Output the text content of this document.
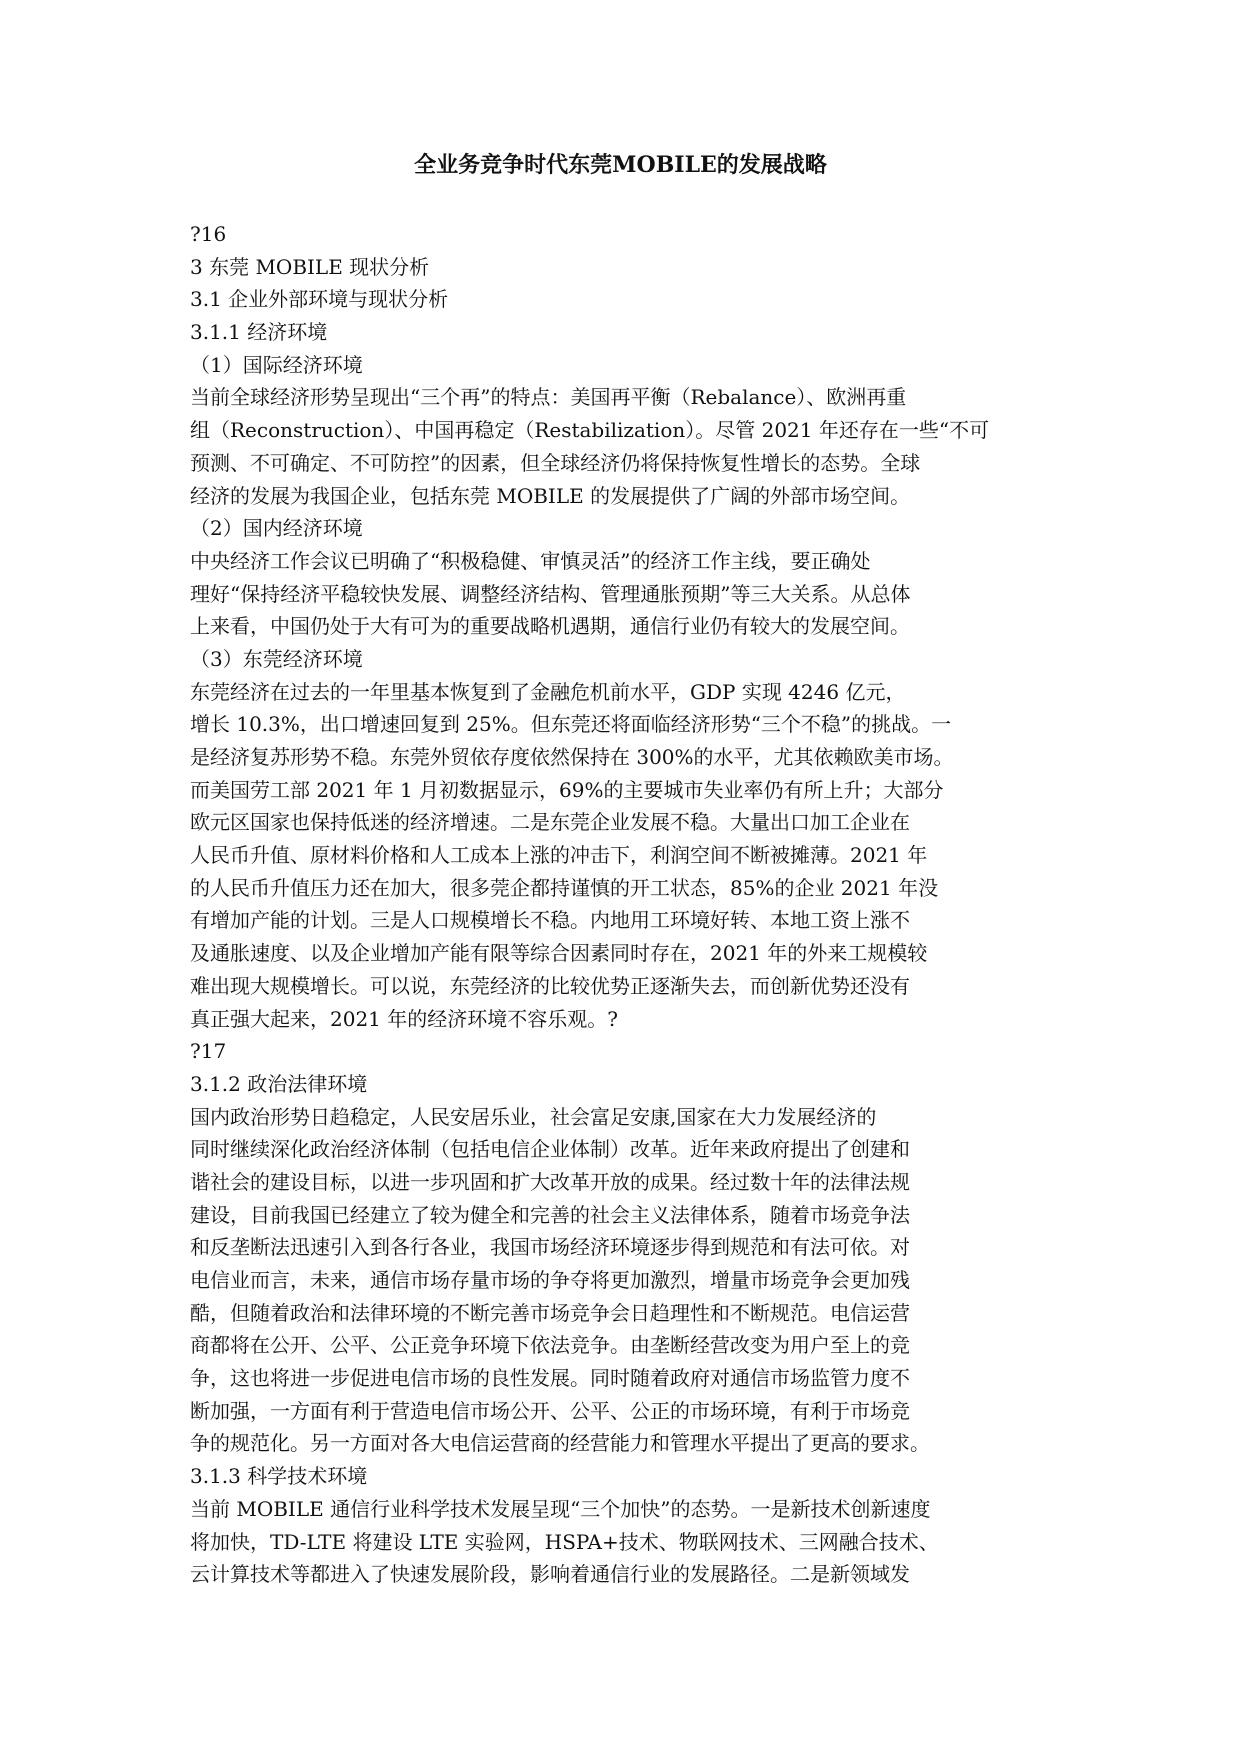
全业务竞争时代东莞MOBILE的发展战略

?16

3 东莞 MOBILE 现状分析

3.1 企业外部环境与现状分析

3.1.1 经济环境

（1）国际经济环境

当前全球经济形势呈现出“三个再”的特点：美国再平衡（Rebalance）、欧洲再重

组（Reconstruction）、中国再稳定（Restabilization）。尽管 2021 年还存在一些“不可

预测、不可确定、不可防控”的因素，但全球经济仍将保持恢复性增长的态势。全球

经济的发展为我国企业，包括东莞 MOBILE 的发展提供了广阔的外部市场空间。

（2）国内经济环境

中央经济工作会议已明确了“积极稳健、审慎灵活”的经济工作主线，要正确处

理好“保持经济平稳较快发展、调整经济结构、管理通胀预期”等三大关系。从总体

上来看，中国仍处于大有可为的重要战略机遇期，通信行业仍有较大的发展空间。

（3）东莞经济环境

东莞经济在过去的一年里基本恢复到了金融危机前水平，GDP 实现 4246 亿元，

增长 10.3%，出口增速回复到 25%。但东莞还将面临经济形势“三个不稳”的挑战。一

是经济复苏形势不稳。东莞外贸依存度依然保持在 300%的水平，尤其依赖欧美市场。

而美国劳工部 2021 年 1 月初数据显示，69%的主要城市失业率仍有所上升；大部分

欧元区国家也保持低迷的经济增速。二是东莞企业发展不稳。大量出口加工企业在

人民币升值、原材料价格和人工成本上涨的冲击下，利润空间不断被摊薄。2021 年

的人民币升值压力还在加大，很多莞企都持谨慎的开工状态，85%的企业 2021 年没

有增加产能的计划。三是人口规模增长不稳。内地用工环境好转、本地工资上涨不

及通胀速度、以及企业增加产能有限等综合因素同时存在，2021 年的外来工规模较

难出现大规模增长。可以说，东莞经济的比较优势正逐渐失去，而创新优势还没有

真正强大起来，2021 年的经济环境不容乐观。?

?17

3.1.2 政治法律环境

国内政治形势日趋稳定，人民安居乐业，社会富足安康,国家在大力发展经济的

同时继续深化政治经济体制（包括电信企业体制）改革。近年来政府提出了创建和

谐社会的建设目标，以进一步巩固和扩大改革开放的成果。经过数十年的法律法规

建设，目前我国已经建立了较为健全和完善的社会主义法律体系，随着市场竞争法

和反垄断法迅速引入到各行各业，我国市场经济环境逐步得到规范和有法可依。对

电信业而言，未来，通信市场存量市场的争夺将更加激烈，增量市场竞争会更加残

酷，但随着政治和法律环境的不断完善市场竞争会日趋理性和不断规范。电信运营

商都将在公开、公平、公正竞争环境下依法竞争。由垄断经营改变为用户至上的竞

争，这也将进一步促进电信市场的良性发展。同时随着政府对通信市场监管力度不

断加强，一方面有利于营造电信市场公开、公平、公正的市场环境，有利于市场竞

争的规范化。另一方面对各大电信运营商的经营能力和管理水平提出了更高的要求。

3.1.3 科学技术环境

当前 MOBILE 通信行业科学技术发展呈现“三个加快”的态势。一是新技术创新速度

将加快，TD-LTE 将建设 LTE 实验网，HSPA+技术、物联网技术、三网融合技术、

云计算技术等都进入了快速发展阶段，影响着通信行业的发展路径。二是新领域发
